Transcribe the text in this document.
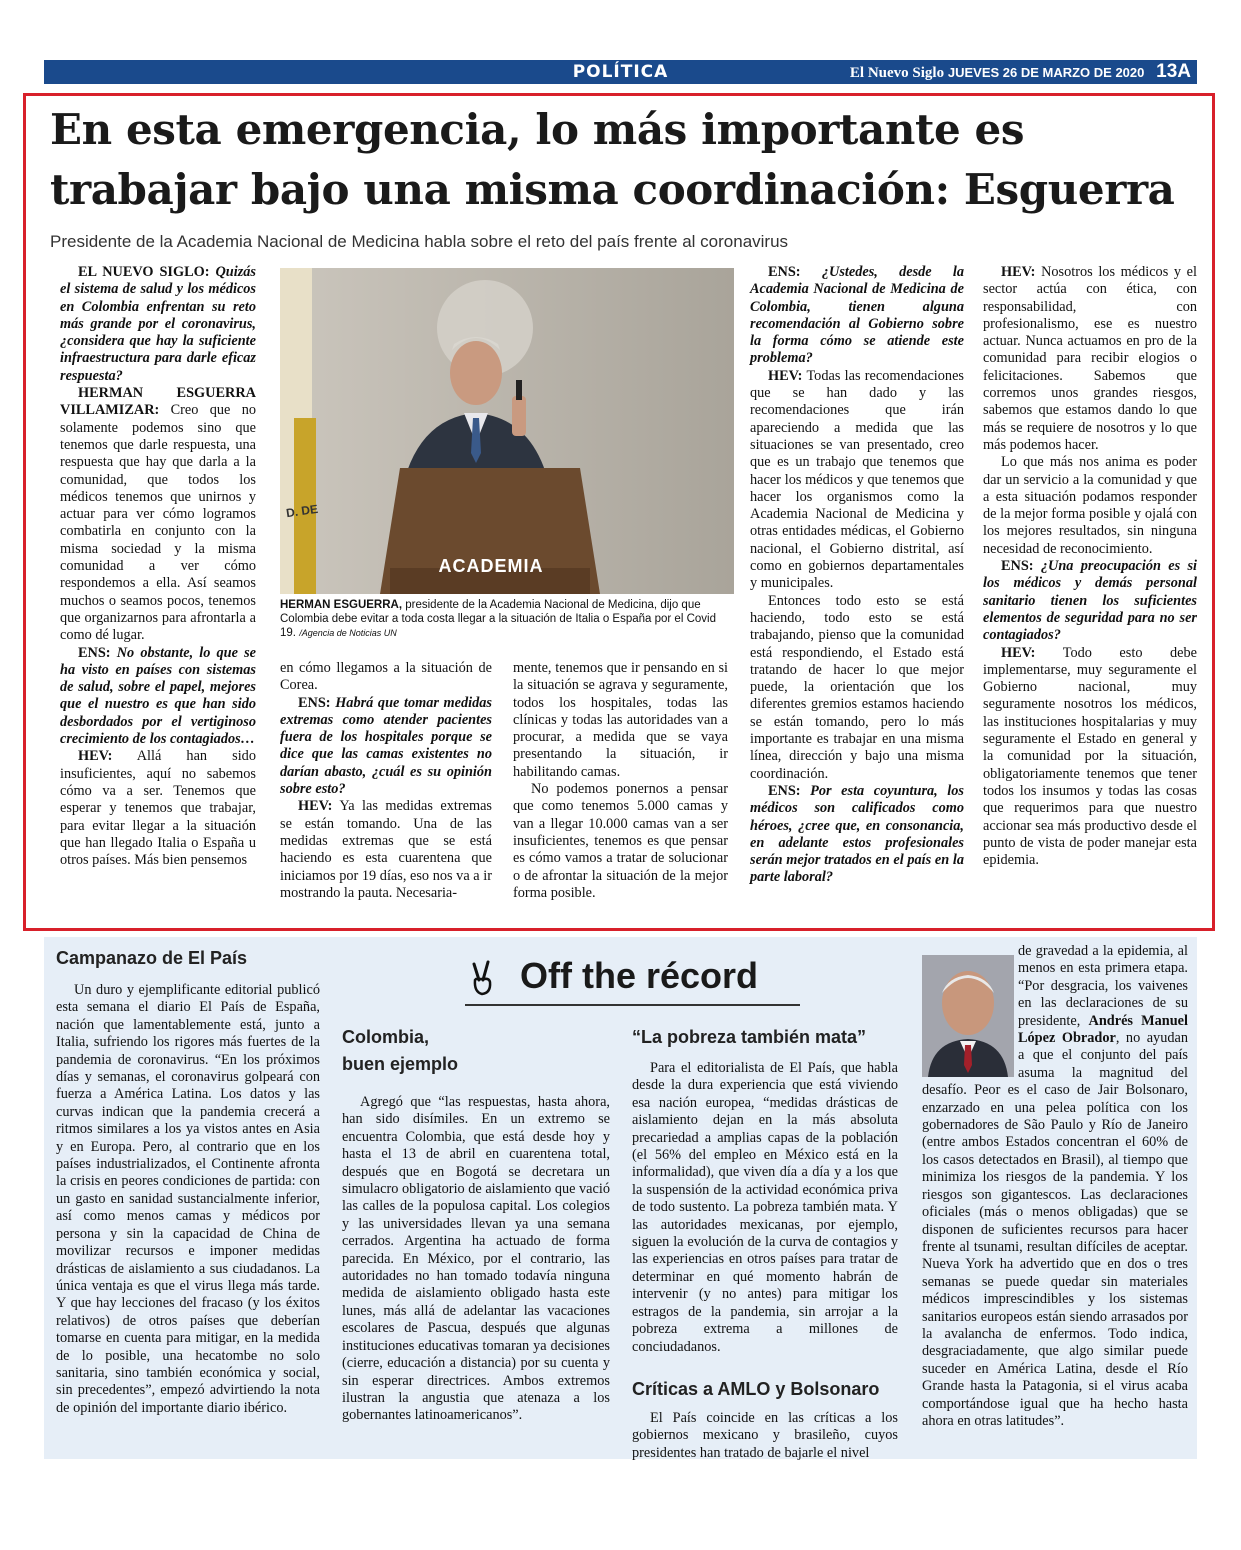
POLÍTICA	El Nuevo Siglo JUEVES 26 DE MARZO DE 2020 13A
En esta emergencia, lo más importante es
trabajar bajo una misma coordinación: Esguerra
Presidente de la Academia Nacional de Medicina habla sobre el reto del país frente al coronavirus

EL NUEVO SIGLO: Quizás el sistema de salud y los médicos en Colombia enfrentan su reto más grande por el coronavirus, ¿considera que hay la suficiente infraestructura para darle eficaz respuesta?

HERMAN ESGUERRA VILLAMIZAR: Creo que no solamente podemos sino que tenemos que darle respuesta, una respuesta que hay que darla a la comunidad, que todos los médicos tenemos que unirnos y actuar para ver cómo logramos combatirla en conjunto con la misma sociedad y la misma comunidad a ver cómo respondemos a ella. Así seamos muchos o seamos pocos, tenemos que organizarnos para afrontarla a como dé lugar.

ENS: No obstante, lo que se ha visto en países con sistemas de salud, sobre el papel, mejores que el nuestro es que han sido desbordados por el vertiginoso crecimiento de los contagiados…

HEV: Allá han sido insuficientes, aquí no sabemos cómo va a ser. Tenemos que esperar y tenemos que trabajar, para evitar llegar a la situación que han llegado Italia o España u otros países. Más bien pensemos

ACADEMIA
D. DE
HERMAN ESGUERRA, presidente de la Academia Nacional de Medicina, dijo que Colombia debe evitar a toda costa llegar a la situación de Italia o España por el Covid 19. /Agencia de Noticias UN

en cómo llegamos a la situación de Corea.

ENS: Habrá que tomar medidas extremas como atender pacientes fuera de los hospitales porque se dice que las camas existentes no darían abasto, ¿cuál es su opinión sobre esto?

HEV: Ya las medidas extremas se están tomando. Una de las medidas extremas que se está haciendo es esta cuarentena que iniciamos por 19 días, eso nos va a ir mostrando la pauta. Necesaria-

mente, tenemos que ir pensando en si la situación se agrava y seguramente, todos los hospitales, todas las clínicas y todas las autoridades van a procurar, a medida que se vaya presentando la situación, ir habilitando camas.

No podemos ponernos a pensar que como tenemos 5.000 camas y van a llegar 10.000 camas van a ser insuficientes, tenemos es que pensar es cómo vamos a tratar de solucionar o de afrontar la situación de la mejor forma posible.

ENS: ¿Ustedes, desde la Academia Nacional de Medicina de Colombia, tienen alguna recomendación al Gobierno sobre la forma cómo se atiende este problema?

HEV: Todas las recomendaciones que se han dado y las recomendaciones que irán apareciendo a medida que las situaciones se van presentado, creo que es un trabajo que tenemos que hacer los médicos y que tenemos que hacer los organismos como la Academia Nacional de Medicina y otras entidades médicas, el Gobierno nacional, el Gobierno distrital, así como en gobiernos departamentales y municipales.

Entonces todo esto se está haciendo, todo esto se está trabajando, pienso que la comunidad está respondiendo, el Estado está tratando de hacer lo que mejor puede, la orientación que los diferentes gremios estamos haciendo se están tomando, pero lo más importante es trabajar en una misma línea, dirección y bajo una misma coordinación.

ENS: Por esta coyuntura, los médicos son calificados como héroes, ¿cree que, en consonancia, en adelante estos profesionales serán mejor tratados en el país en la parte laboral?

HEV: Nosotros los médicos y el sector actúa con ética, con responsabilidad, con profesionalismo, ese es nuestro actuar. Nunca actuamos en pro de la comunidad para recibir elogios o felicitaciones. Sabemos que corremos unos grandes riesgos, sabemos que estamos dando lo que más se requiere de nosotros y lo que más podemos hacer.

Lo que más nos anima es poder dar un servicio a la comunidad y que a esta situación podamos responder de la mejor forma posible y ojalá con los mejores resultados, sin ninguna necesidad de reconocimiento.

ENS: ¿Una preocupación es si los médicos y demás personal sanitario tienen los suficientes elementos de seguridad para no ser contagiados?

HEV: Todo esto debe implementarse, muy seguramente el Gobierno nacional, muy seguramente nosotros los médicos, las instituciones hospitalarias y muy seguramente el Estado en general y la comunidad por la situación, obligatoriamente tenemos que tener todos los insumos y todas las cosas que requerimos para que nuestro accionar sea más productivo desde el punto de vista de poder manejar esta epidemia.

Off the récord
Campanazo de El País

Un duro y ejemplificante editorial publicó esta semana el diario El País de España, nación que lamentablemente está, junto a Italia, sufriendo los rigores más fuertes de la pandemia de coronavirus. “En los próximos días y semanas, el coronavirus golpeará con fuerza a América Latina. Los datos y las curvas indican que la pandemia crecerá a ritmos similares a los ya vistos antes en Asia y en Europa. Pero, al contrario que en los países industrializados, el Continente afronta la crisis en peores condiciones de partida: con un gasto en sanidad sustancialmente inferior, así como menos camas y médicos por persona y sin la capacidad de China de movilizar recursos e imponer medidas drásticas de aislamiento a sus ciudadanos. La única ventaja es que el virus llega más tarde. Y que hay lecciones del fracaso (y los éxitos relativos) de otros países que deberían tomarse en cuenta para mitigar, en la medida de lo posible, una hecatombe no solo sanitaria, sino también económica y social, sin precedentes”, empezó advirtiendo la nota de opinión del importante diario ibérico.

Colombia,
buen ejemplo

Agregó que “las respuestas, hasta ahora, han sido disímiles. En un extremo se encuentra Colombia, que está desde hoy y hasta el 13 de abril en cuarentena total, después que en Bogotá se decretara un simulacro obligatorio de aislamiento que vació las calles de la populosa capital. Los colegios y las universidades llevan ya una semana cerrados. Argentina ha actuado de forma parecida. En México, por el contrario, las autoridades no han tomado todavía ninguna medida de aislamiento obligado hasta este lunes, más allá de adelantar las vacaciones escolares de Pascua, después que algunas instituciones educativas tomaran ya decisiones (cierre, educación a distancia) por su cuenta y sin esperar directrices. Ambos extremos ilustran la angustia que atenaza a los gobernantes latinoamericanos”.

“La pobreza también mata”

Para el editorialista de El País, que habla desde la dura experiencia que está viviendo esa nación europea, “medidas drásticas de aislamiento dejan en la más absoluta precariedad a amplias capas de la población (el 56% del empleo en México está en la informalidad), que viven día a día y a los que la suspensión de la actividad económica priva de todo sustento. La pobreza también mata. Y las autoridades mexicanas, por ejemplo, siguen la evolución de la curva de contagios y las experiencias en otros países para tratar de determinar en qué momento habrán de intervenir (y no antes) para mitigar los estragos de la pandemia, sin arrojar a la pobreza extrema a millones de conciudadanos.

Críticas a AMLO y Bolsonaro

El País coincide en las críticas a los gobiernos mexicano y brasileño, cuyos presidentes han tratado de bajarle el nivel

de gravedad a la epidemia, al menos en esta primera etapa. “Por desgracia, los vaivenes en las declaraciones de su presidente, Andrés Manuel López Obrador, no ayudan a que el conjunto del país asuma la magnitud del desafío. Peor es el caso de Jair Bolsonaro, enzarzado en una pelea política con los gobernadores de São Paulo y Río de Janeiro (entre ambos Estados concentran el 60% de los casos detectados en Brasil), al tiempo que minimiza los riesgos de la pandemia. Y los riesgos son gigantescos. Las declaraciones oficiales (más o menos obligadas) que se disponen de suficientes recursos para hacer frente al tsunami, resultan difíciles de aceptar. Nueva York ha advertido que en dos o tres semanas se puede quedar sin materiales médicos imprescindibles y los sistemas sanitarios europeos están siendo arrasados por la avalancha de enfermos. Todo indica, desgraciadamente, que algo similar puede suceder en América Latina, desde el Río Grande hasta la Patagonia, si el virus acaba comportándose igual que ha hecho hasta ahora en otras latitudes”.
